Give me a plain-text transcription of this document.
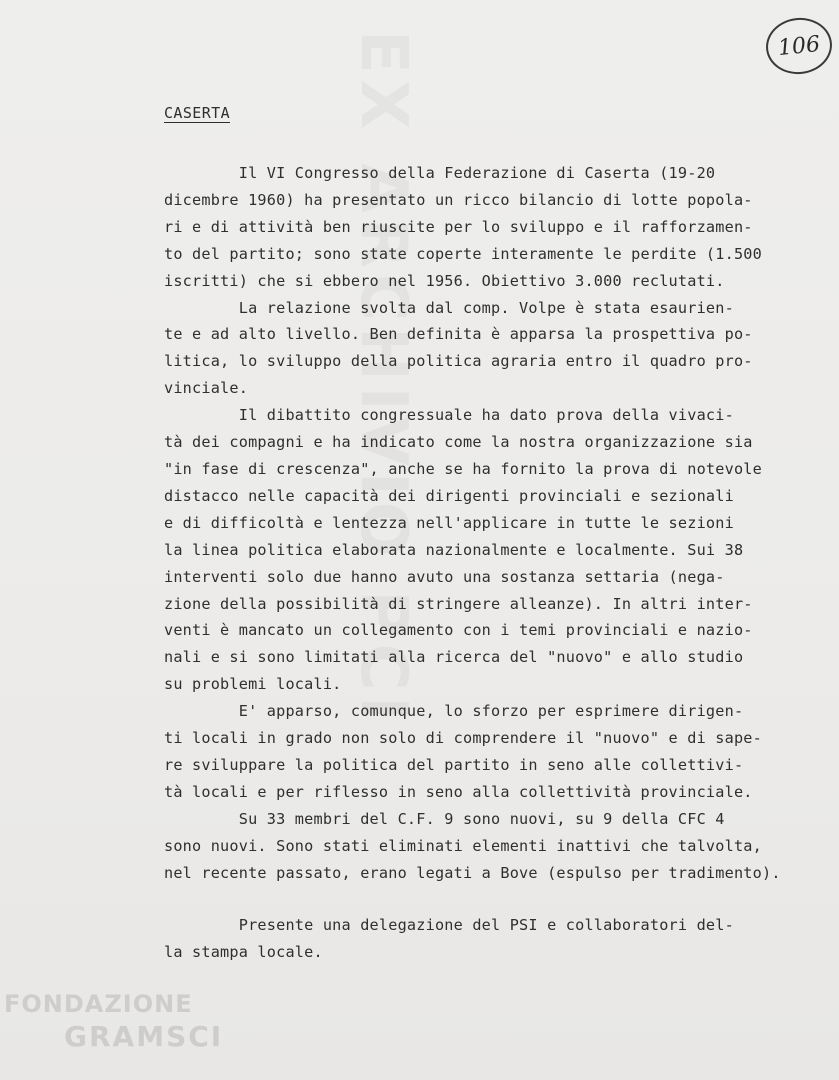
EX ARCHIVIO PCI	106
CASERTA
Il VI Congresso della Federazione di Caserta (19-20
dicembre 1960) ha presentato un ricco bilancio di lotte popola-
ri e di attività ben riuscite per lo sviluppo e il rafforzamen-
to del partito; sono state coperte interamente le perdite (1.500
iscritti) che si ebbero nel 1956. Obiettivo 3.000 reclutati.
La relazione svolta dal comp. Volpe è stata esaurien-
te e ad alto livello. Ben definita è apparsa la prospettiva po-
litica, lo sviluppo della politica agraria entro il quadro pro-
vinciale.
Il dibattito congressuale ha dato prova della vivaci-
tà dei compagni e ha indicato come la nostra organizzazione sia
"in fase di crescenza", anche se ha fornito la prova di notevole
distacco nelle capacità dei dirigenti provinciali e sezionali
e di difficoltà e lentezza nell'applicare in tutte le sezioni
la linea politica elaborata nazionalmente e localmente. Sui 38
interventi solo due hanno avuto una sostanza settaria (nega-
zione della possibilità di stringere alleanze). In altri inter-
venti è mancato un collegamento con i temi provinciali e nazio-
nali e si sono limitati alla ricerca del "nuovo" e allo studio
su problemi locali.
E' apparso, comunque, lo sforzo per esprimere dirigen-
ti locali in grado non solo di comprendere il "nuovo" e di sape-
re sviluppare la politica del partito in seno alle collettivi-
tà locali e per riflesso in seno alla collettività provinciale.
Su 33 membri del C.F. 9 sono nuovi, su 9 della CFC 4
sono nuovi. Sono stati eliminati elementi inattivi che talvolta,
nel recente passato, erano legati a Bove (espulso per tradimento).
Presente una delegazione del PSI e collaboratori del-
la stampa locale.
FONDAZIONE
GRAMSCI
